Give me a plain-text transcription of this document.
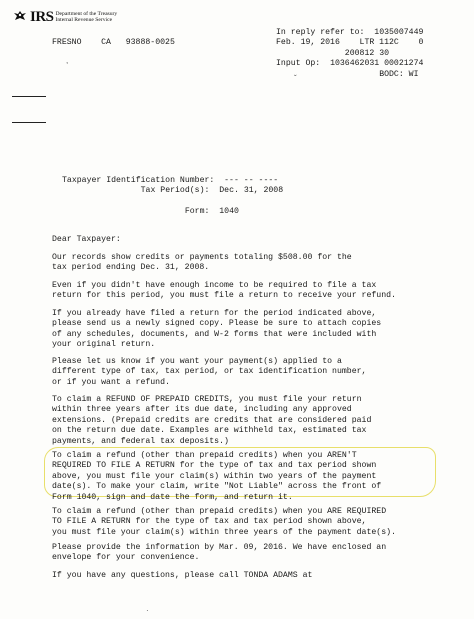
IRS Department of the Treasury
Internal Revenue Service
FRESNO CA 93888-0025
In reply refer to: 1035007449
Feb. 19, 2016 LTR 112C 0
200812 30
Input Op: 1036462031 00021274
BODC: WI
,
ˇ
Taxpayer Identification Number: --- -- ----
Tax Period(s): Dec. 31, 2008

Form: 1040
Dear Taxpayer:
Our records show credits or payments totaling $508.00 for the
tax period ending Dec. 31, 2008.
Even if you didn't have enough income to be required to file a tax
return for this period, you must file a return to receive your refund.
If you already have filed a return for the period indicated above,
please send us a newly signed copy. Please be sure to attach copies
of any schedules, documents, and W-2 forms that were included with
your original return.
Please let us know if you want your payment(s) applied to a
different type of tax, tax period, or tax identification number,
or if you want a refund.
To claim a REFUND OF PREPAID CREDITS, you must file your return
within three years after its due date, including any approved
extensions. (Prepaid credits are credits that are considered paid
on the return due date. Examples are withheld tax, estimated tax
payments, and federal tax deposits.)
To claim a refund (other than prepaid credits) when you AREN'T
REQUIRED TO FILE A RETURN for the type of tax and tax period shown
above, you must file your claim(s) within two years of the payment
date(s). To make your claim, write "Not Liable" across the front of
Form 1040, sign and date the form, and return it.
To claim a refund (other than prepaid credits) when you ARE REQUIRED
TO FILE A RETURN for the type of tax and tax period shown above,
you must file your claim(s) within three years of the payment date(s).
Please provide the information by Mar. 09, 2016. We have enclosed an
envelope for your convenience.
If you have any questions, please call TONDA ADAMS at
·
